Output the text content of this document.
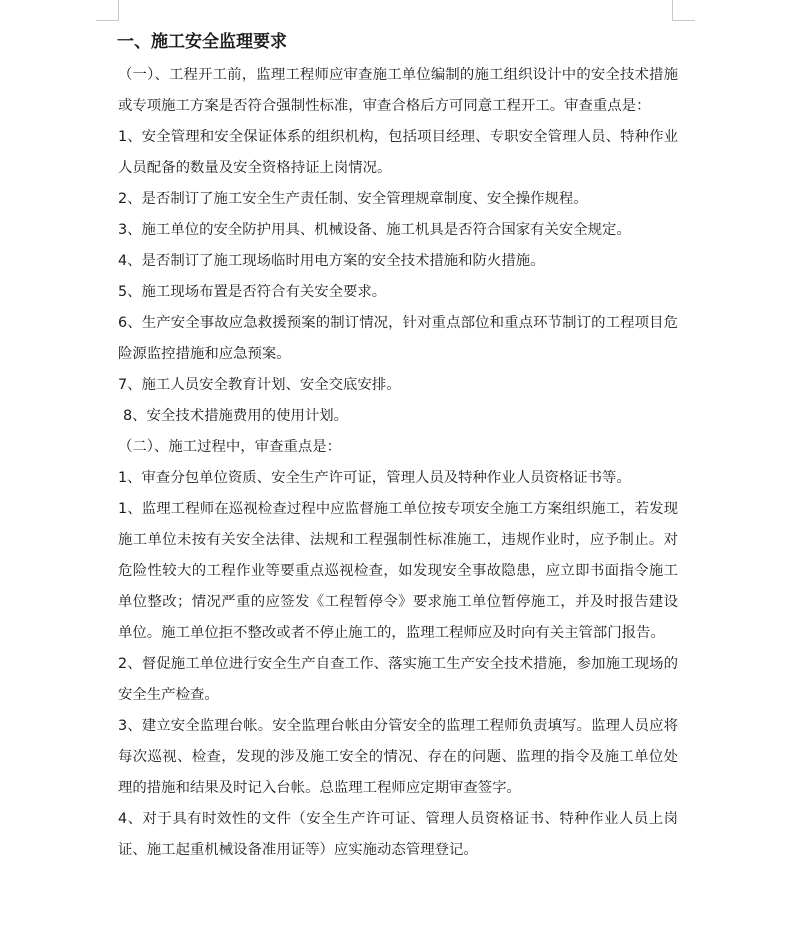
一、施工安全监理要求

（一）、工程开工前，监理工程师应审查施工单位编制的施工组织设计中的安全技术措施或专项施工方案是否符合强制性标准，审查合格后方可同意工程开工。审查重点是：

1、安全管理和安全保证体系的组织机构，包括项目经理、专职安全管理人员、特种作业人员配备的数量及安全资格持证上岗情况。

2、是否制订了施工安全生产责任制、安全管理规章制度、安全操作规程。

3、施工单位的安全防护用具、机械设备、施工机具是否符合国家有关安全规定。

4、是否制订了施工现场临时用电方案的安全技术措施和防火措施。

5、施工现场布置是否符合有关安全要求。

6、生产安全事故应急救援预案的制订情况，针对重点部位和重点环节制订的工程项目危险源监控措施和应急预案。

7、施工人员安全教育计划、安全交底安排。

8、安全技术措施费用的使用计划。

（二）、施工过程中，审查重点是：

1、审查分包单位资质、安全生产许可证，管理人员及特种作业人员资格证书等。

1、监理工程师在巡视检查过程中应监督施工单位按专项安全施工方案组织施工，若发现施工单位未按有关安全法律、法规和工程强制性标准施工，违规作业时，应予制止。对危险性较大的工程作业等要重点巡视检查，如发现安全事故隐患，应立即书面指令施工单位整改；情况严重的应签发《工程暂停令》要求施工单位暂停施工，并及时报告建设单位。施工单位拒不整改或者不停止施工的，监理工程师应及时向有关主管部门报告。

2、督促施工单位进行安全生产自查工作、落实施工生产安全技术措施，参加施工现场的安全生产检查。

3、建立安全监理台帐。安全监理台帐由分管安全的监理工程师负责填写。监理人员应将每次巡视、检查，发现的涉及施工安全的情况、存在的问题、监理的指令及施工单位处理的措施和结果及时记入台帐。总监理工程师应定期审查签字。

4、对于具有时效性的文件（安全生产许可证、管理人员资格证书、特种作业人员上岗证、施工起重机械设备准用证等）应实施动态管理登记。
